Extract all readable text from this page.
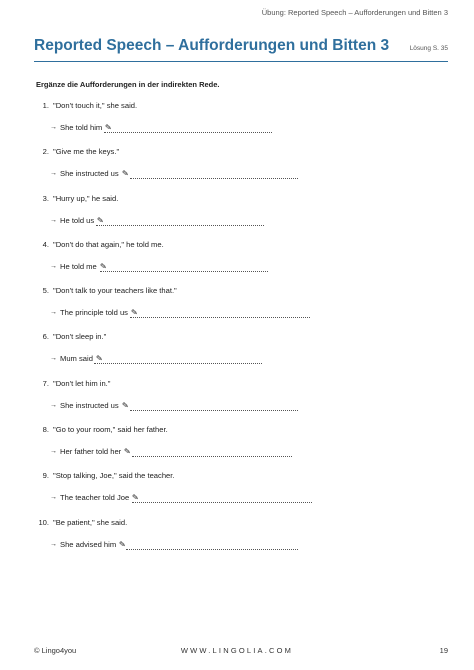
Übung: Reported Speech – Aufforderungen und Bitten 3
Reported Speech – Aufforderungen und Bitten 3	Lösung S. 35
Ergänze die Aufforderungen in der indirekten Rede.
1. "Don't touch it," she said.
→ She told him ✎
2. "Give me the keys."
→ She instructed us ✎
3. "Hurry up," he said.
→ He told us ✎
4. "Don't do that again," he told me.
→ He told me ✎
5. "Don't talk to your teachers like that."
→ The principle told us ✎
6. "Don't sleep in."
→ Mum said ✎
7. "Don't let him in."
→ She instructed us ✎
8. "Go to your room," said her father.
→ Her father told her ✎
9. "Stop talking, Joe," said the teacher.
→ The teacher told Joe ✎
10. "Be patient," she said.
→ She advised him ✎
© Lingo4you	WWW.LINGOLIA.COM	19
